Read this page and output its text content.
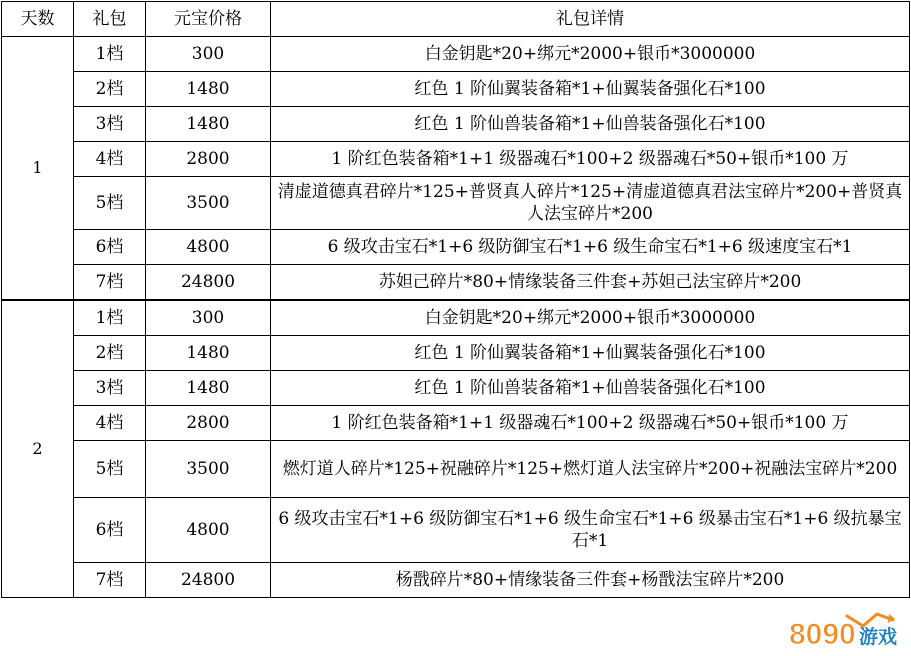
天数	礼包	元宝价格	礼包详情
1	1档	300	白金钥匙*20+绑元*2000+银币*3000000
	2档	1480	红色 1 阶仙翼装备箱*1+仙翼装备强化石*100
	3档	1480	红色 1 阶仙兽装备箱*1+仙兽装备强化石*100
	4档	2800	1 阶红色装备箱*1+1 级器魂石*100+2 级器魂石*50+银币*100 万
	5档	3500	清虚道德真君碎片*125+普贤真人碎片*125+清虚道德真君法宝碎片*200+普贤真人法宝碎片*200
	6档	4800	6 级攻击宝石*1+6 级防御宝石*1+6 级生命宝石*1+6 级速度宝石*1
	7档	24800	苏妲己碎片*80+情缘装备三件套+苏妲己法宝碎片*200
2	1档	300	白金钥匙*20+绑元*2000+银币*3000000
	2档	1480	红色 1 阶仙翼装备箱*1+仙翼装备强化石*100
	3档	1480	红色 1 阶仙兽装备箱*1+仙兽装备强化石*100
	4档	2800	1 阶红色装备箱*1+1 级器魂石*100+2 级器魂石*50+银币*100 万
	5档	3500	燃灯道人碎片*125+祝融碎片*125+燃灯道人法宝碎片*200+祝融法宝碎片*200
	6档	4800	6 级攻击宝石*1+6 级防御宝石*1+6 级生命宝石*1+6 级暴击宝石*1+6 级抗暴宝石*1
	7档	24800	杨戬碎片*80+情缘装备三件套+杨戬法宝碎片*200
8090 游戏
